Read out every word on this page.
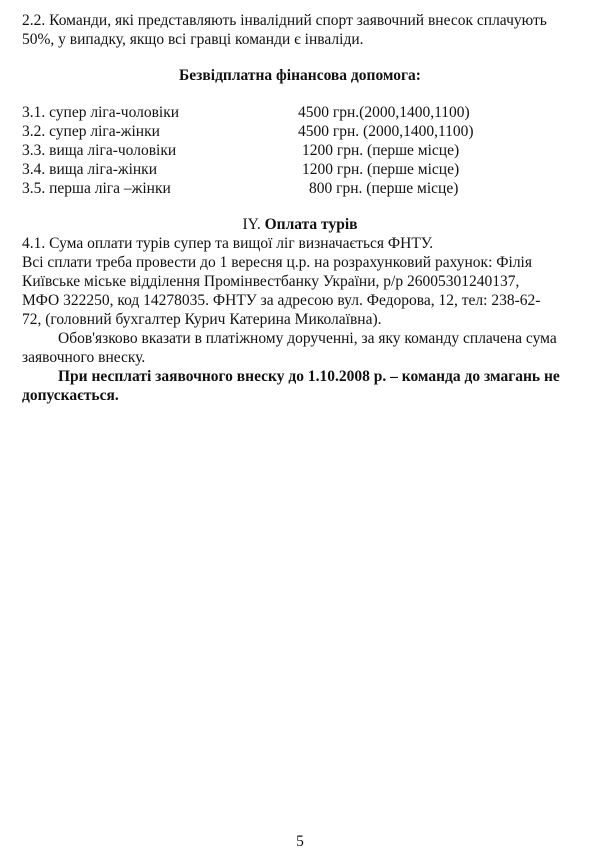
2.2. Команди, які представляють інвалідний спорт заявочний внесок сплачують
50%, у випадку, якщо всі гравці команди є інваліди.
Безвідплатна фінансова допомога:
3.1. супер ліга-чоловіки	4500 грн.(2000,1400,1100)
3.2. супер ліга-жінки	4500 грн. (2000,1400,1100)
3.3. вища ліга-чоловіки	1200 грн. (перше місце)
3.4. вища ліга-жінки	1200 грн. (перше місце)
3.5. перша ліга –жінки	800 грн. (перше місце)
IY. Оплата турів
4.1. Сума оплати турів супер та вищої ліг визначається ФНТУ.
Всі сплати треба провести до 1 вересня ц.р. на розрахунковий рахунок: Філія
Київське міське відділення Промінвестбанку України, р/р 26005301240137,
МФО 322250, код 14278035. ФНТУ за адресою вул. Федорова, 12, тел: 238-62-
72, (головний бухгалтер Курич Катерина Миколаївна).
Обов'язково вказати в платіжному дорученні, за яку команду сплачена сума
заявочного внеску.
При несплаті заявочного внеску до 1.10.2008 р. – команда до змагань не
допускається.
5
